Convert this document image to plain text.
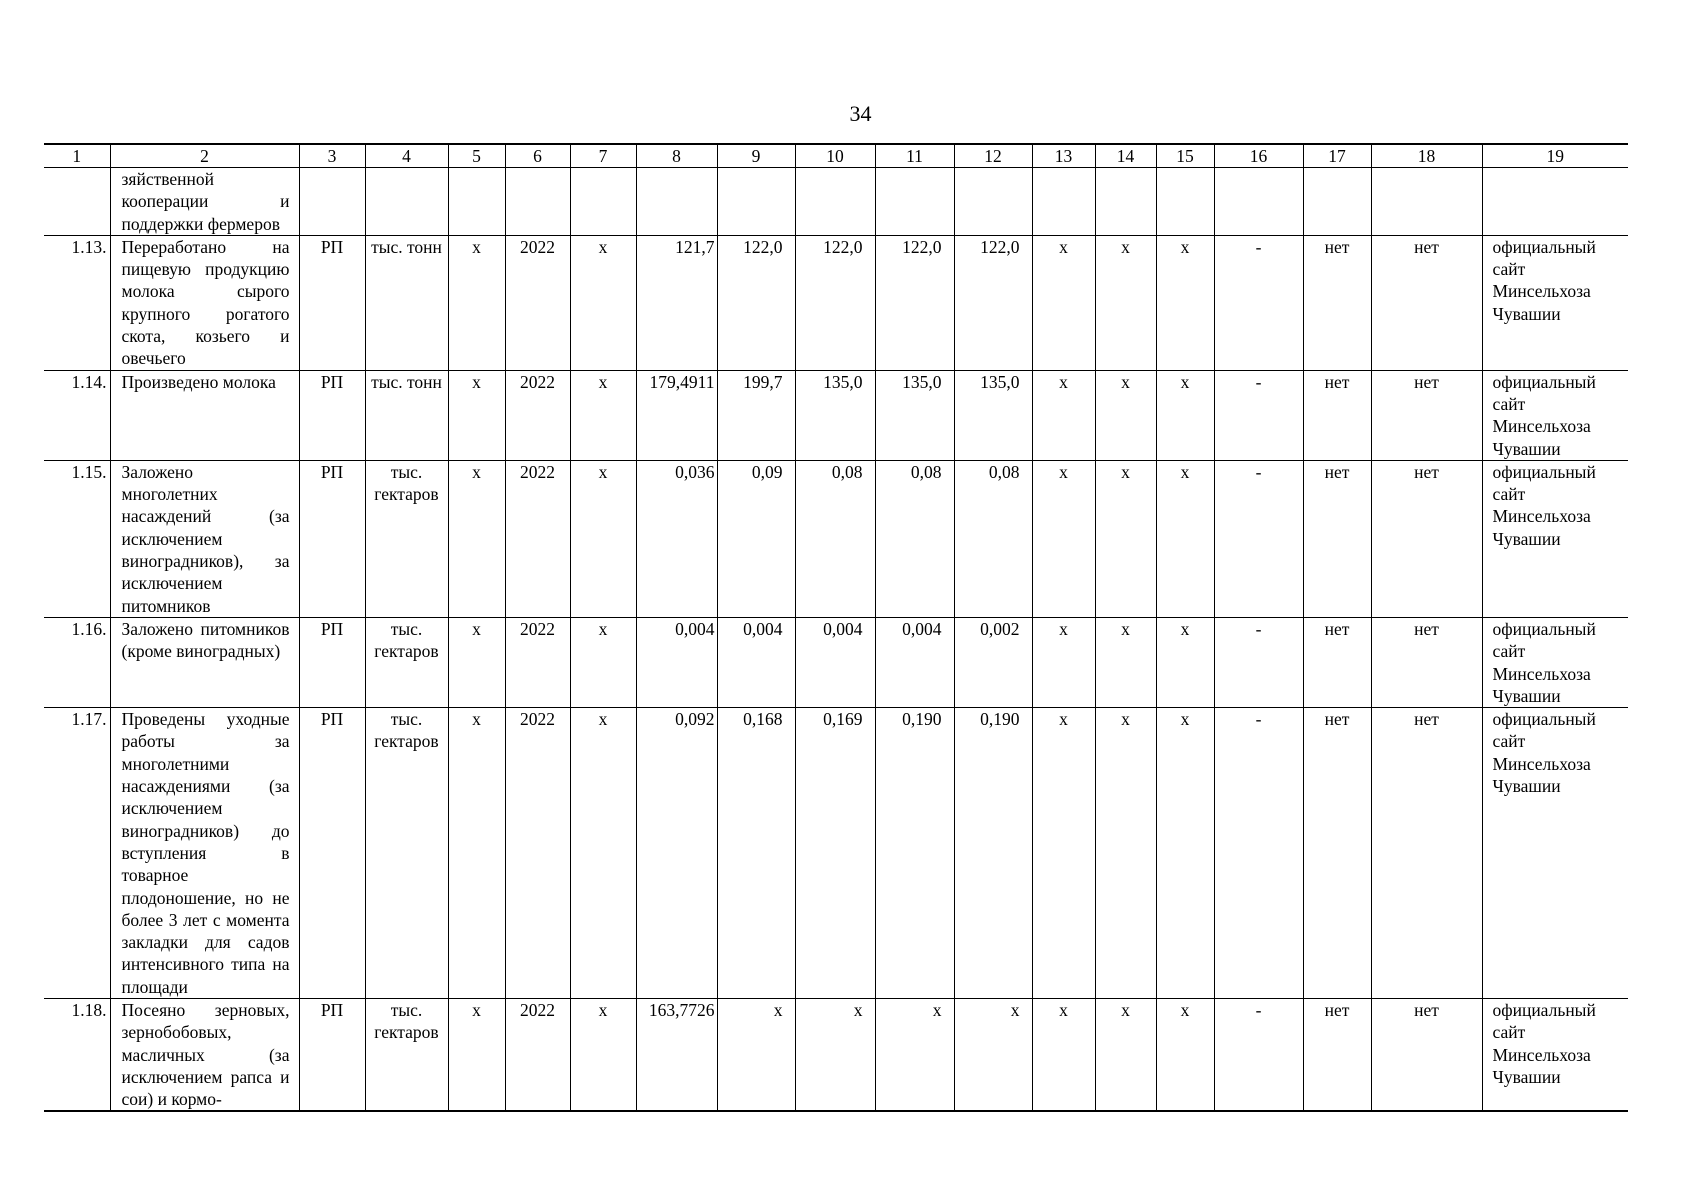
34
1	2	3	4	5	6	7	8	9	10	11	12	13	14	15	16	17	18	19
	зяйственной кооперации и поддержки фермеров																	
1.13.	Переработано на пищевую продукцию молока сырого крупного рогатого скота, козьего и овечьего	РП	тыс. тонн	х	2022	х	121,7	122,0	122,0	122,0	122,0	х	х	х	-	нет	нет	официальный сайт Минсельхоза Чувашии
1.14.	Произведено молока	РП	тыс. тонн	х	2022	х	179,4911	199,7	135,0	135,0	135,0	х	х	х	-	нет	нет	официальный сайт Минсельхоза Чувашии
1.15.	Заложено многолетних насаждений (за исключением виноградников), за исключением питомников	РП	тыс. гектаров	х	2022	х	0,036	0,09	0,08	0,08	0,08	х	х	х	-	нет	нет	официальный сайт Минсельхоза Чувашии
1.16.	Заложено питомников (кроме виноградных)	РП	тыс. гектаров	х	2022	х	0,004	0,004	0,004	0,004	0,002	х	х	х	-	нет	нет	официальный сайт Минсельхоза Чувашии
1.17.	Проведены уходные работы за многолетними насаждениями (за исключением виноградников) до вступления в товарное плодоношение, но не более 3 лет с момента закладки для садов интенсивного типа на площади	РП	тыс. гектаров	х	2022	х	0,092	0,168	0,169	0,190	0,190	х	х	х	-	нет	нет	официальный сайт Минсельхоза Чувашии
1.18.	Посеяно зерновых, зернобобовых, масличных (за исключением рапса и сои) и кормо-	РП	тыс. гектаров	х	2022	х	163,7726	х	х	х	х	х	х	х	-	нет	нет	официальный сайт Минсельхоза Чувашии
